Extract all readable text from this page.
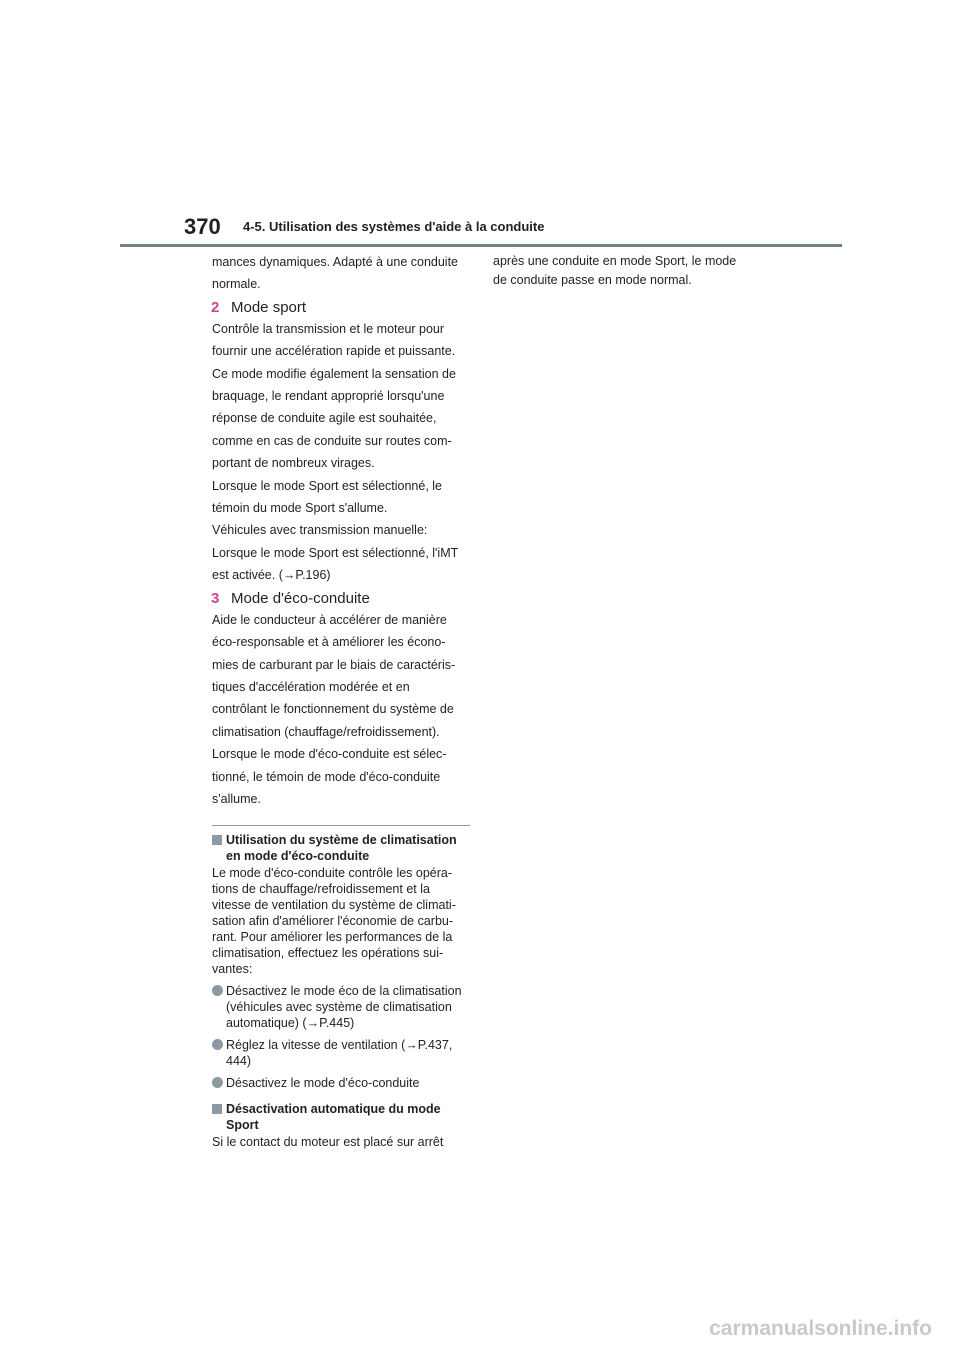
370 4-5. Utilisation des systèmes d'aide à la conduite

mances dynamiques. Adapté à une conduite

normale.

2 Mode sport

Contrôle la transmission et le moteur pour

fournir une accélération rapide et puissante.

Ce mode modifie également la sensation de

braquage, le rendant approprié lorsqu'une

réponse de conduite agile est souhaitée,

comme en cas de conduite sur routes com-

portant de nombreux virages.

Lorsque le mode Sport est sélectionné, le

témoin du mode Sport s'allume.

Véhicules avec transmission manuelle:

Lorsque le mode Sport est sélectionné, l'iMT

est activée. (→P.196)

3 Mode d'éco-conduite

Aide le conducteur à accélérer de manière

éco-responsable et à améliorer les écono-

mies de carburant par le biais de caractéris-

tiques d'accélération modérée et en

contrôlant le fonctionnement du système de

climatisation (chauffage/refroidissement).

Lorsque le mode d'éco-conduite est sélec-

tionné, le témoin de mode d'éco-conduite

s'allume.

Utilisation du système de climatisation
en mode d'éco-conduite
Le mode d'éco-conduite contrôle les opéra-
tions de chauffage/refroidissement et la
vitesse de ventilation du système de climati-
sation afin d'améliorer l'économie de carbu-
rant. Pour améliorer les performances de la
climatisation, effectuez les opérations sui-
vantes:
Désactivez le mode éco de la climatisation
(véhicules avec système de climatisation
automatique) (→P.445)
Réglez la vitesse de ventilation (→P.437,
444)
Désactivez le mode d'éco-conduite
Désactivation automatique du mode
Sport
Si le contact du moteur est placé sur arrêt
après une conduite en mode Sport, le mode
de conduite passe en mode normal.
carmanualsonline.info
